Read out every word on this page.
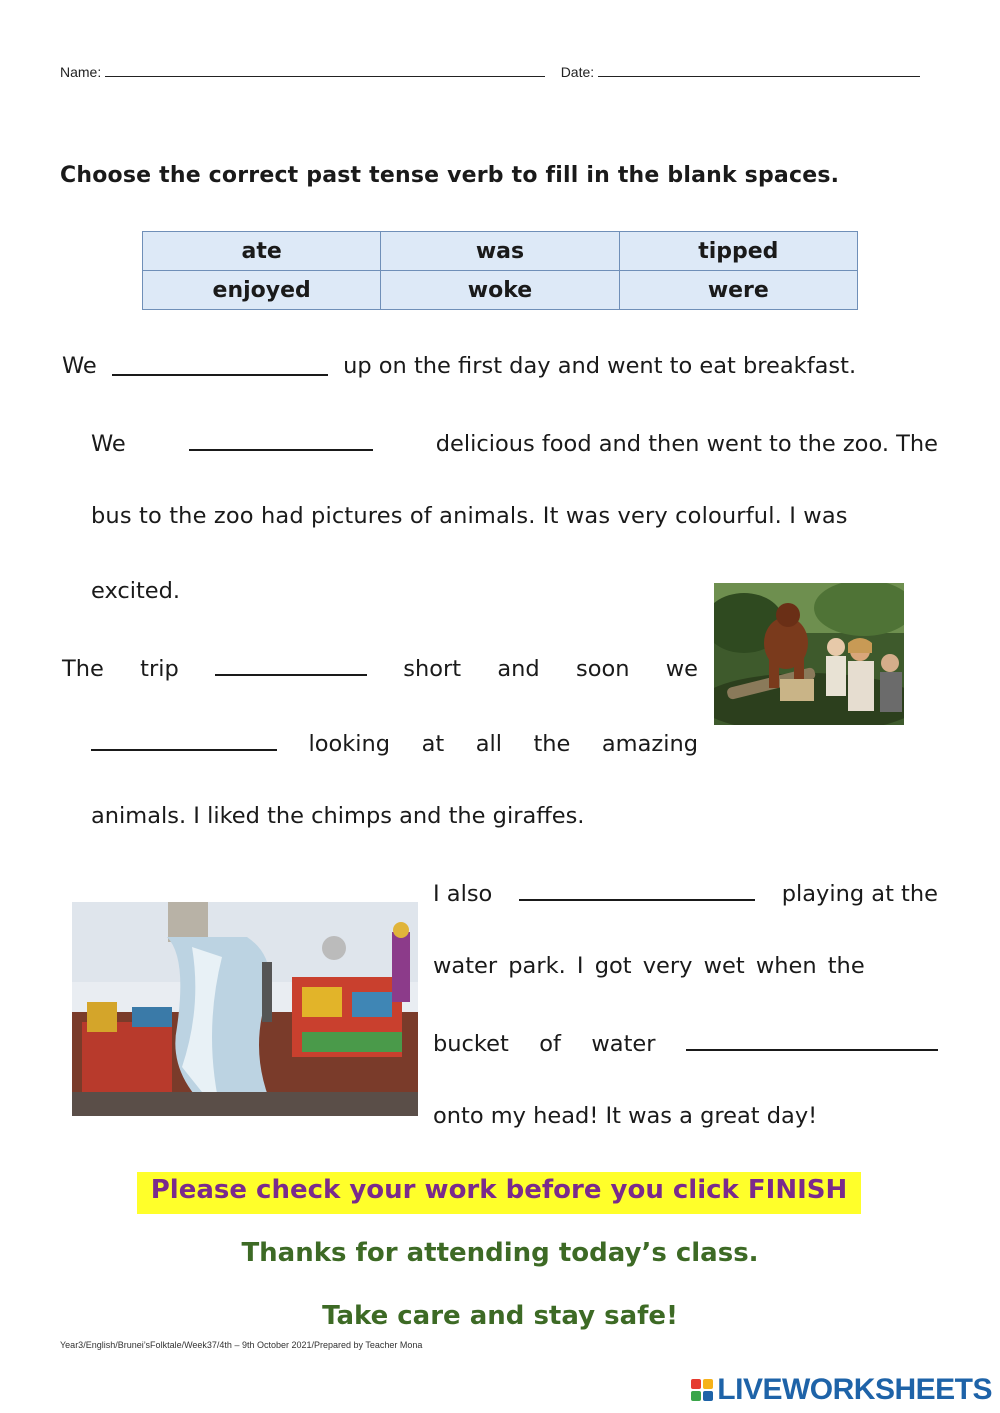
Name:	Date:
Choose the correct past tense verb to fill in the blank spaces.
ate	was	tipped
enjoyed	woke	were
We	up on the first day and went to eat breakfast.
We	delicious food and then went to the zoo. The
bus to the zoo had pictures of animals. It was very colourful. I was
excited.
The trip	short and soon we
looking at all the amazing
animals. I liked the chimps and the giraffes.
I also	playing at the
water park. I got very wet when the
bucket of water
onto my head! It was a great day!
Please check your work before you click FINISH
Thanks for attending today’s class.
Take care and stay safe!
Year3/English/Brunei’sFolktale/Week37/4th – 9th October 2021/Prepared by Teacher Mona
LIVEWORKSHEETS
